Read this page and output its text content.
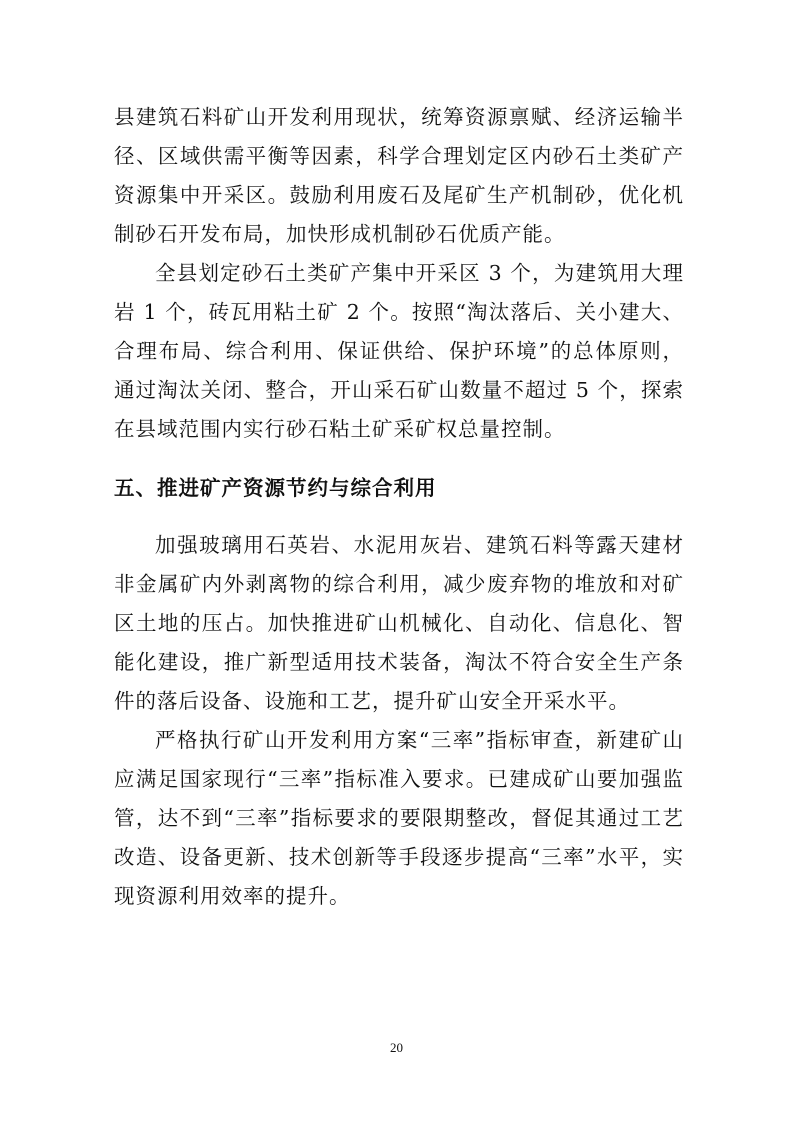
县建筑石料矿山开发利用现状，统筹资源禀赋、经济运输半径、区域供需平衡等因素，科学合理划定区内砂石土类矿产资源集中开采区。鼓励利用废石及尾矿生产机制砂，优化机制砂石开发布局，加快形成机制砂石优质产能。

全县划定砂石土类矿产集中开采区 3 个，为建筑用大理岩 1 个，砖瓦用粘土矿 2 个。按照“淘汰落后、关小建大、合理布局、综合利用、保证供给、保护环境”的总体原则，通过淘汰关闭、整合，开山采石矿山数量不超过 5 个，探索在县域范围内实行砂石粘土矿采矿权总量控制。

五、推进矿产资源节约与综合利用

加强玻璃用石英岩、水泥用灰岩、建筑石料等露天建材非金属矿内外剥离物的综合利用，减少废弃物的堆放和对矿区土地的压占。加快推进矿山机械化、自动化、信息化、智能化建设，推广新型适用技术装备，淘汰不符合安全生产条件的落后设备、设施和工艺，提升矿山安全开采水平。

严格执行矿山开发利用方案“三率”指标审查，新建矿山应满足国家现行“三率”指标准入要求。已建成矿山要加强监管，达不到“三率”指标要求的要限期整改，督促其通过工艺改造、设备更新、技术创新等手段逐步提高“三率”水平，实现资源利用效率的提升。

20
